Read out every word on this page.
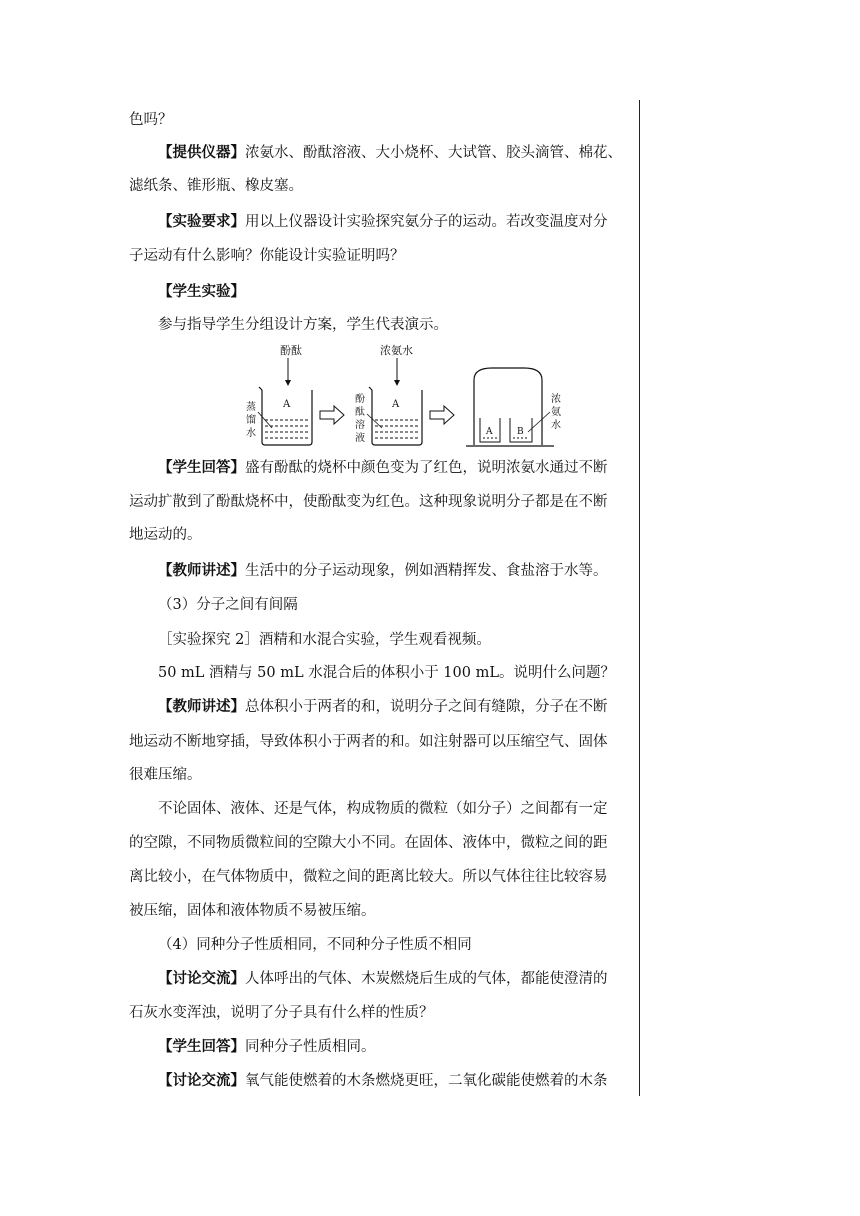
色吗？
【提供仪器】浓氨水、酚酞溶液、大小烧杯、大试管、胶头滴管、棉花、
滤纸条、锥形瓶、橡皮塞。
【实验要求】用以上仪器设计实验探究氨分子的运动。若改变温度对分
子运动有什么影响？你能设计实验证明吗？
【学生实验】
参与指导学生分组设计方案，学生代表演示。
【学生回答】盛有酚酞的烧杯中颜色变为了红色，说明浓氨水通过不断
运动扩散到了酚酞烧杯中，使酚酞变为红色。这种现象说明分子都是在不断
地运动的。
【教师讲述】生活中的分子运动现象，例如酒精挥发、食盐溶于水等。
（3）分子之间有间隔
［实验探究 2］酒精和水混合实验，学生观看视频。
50 mL 酒精与 50 mL 水混合后的体积小于 100 mL。说明什么问题？
【教师讲述】总体积小于两者的和，说明分子之间有缝隙，分子在不断
地运动不断地穿插，导致体积小于两者的和。如注射器可以压缩空气、固体
很难压缩。
不论固体、液体、还是气体，构成物质的微粒（如分子）之间都有一定
的空隙，不同物质微粒间的空隙大小不同。在固体、液体中，微粒之间的距
离比较小，在气体物质中，微粒之间的距离比较大。所以气体往往比较容易
被压缩，固体和液体物质不易被压缩。
（4）同种分子性质相同，不同种分子性质不相同
【讨论交流】人体呼出的气体、木炭燃烧后生成的气体，都能使澄清的
石灰水变浑浊，说明了分子具有什么样的性质？
【学生回答】同种分子性质相同。
【讨论交流】氧气能使燃着的木条燃烧更旺，二氧化碳能使燃着的木条
酚酞
A
蒸
馏
水
浓氨水
A
酚
酞
溶
液
A	B
浓
氨
水
